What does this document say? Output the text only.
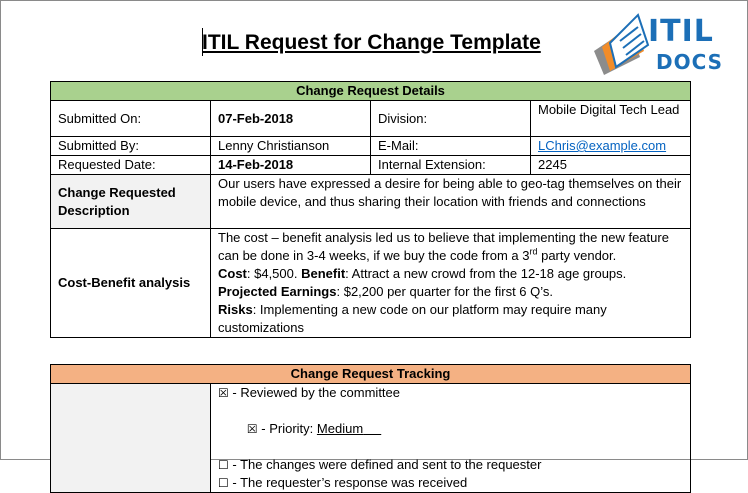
ITIL Request for Change Template	ITIL
DOCS
Change Request Details			
Submitted On:	07-Feb-2018	Division:	Mobile Digital Tech Lead
Submitted By:	Lenny Christianson	E-Mail:	LChris@example.com
Requested Date:	14-Feb-2018	Internal Extension:	2245
Change Requested Description	Our users have expressed a desire for being able to geo-tag themselves on their mobile device, and thus sharing their location with friends and connections		
Cost-Benefit analysis	The cost – benefit analysis led us to believe that implementing the new feature can be done in 3-4 weeks, if we buy the code from a 3rd party vendor.
Cost: $4,500. Benefit: Attract a new crowd from the 12-18 age groups.
Projected Earnings: $2,200 per quarter for the first 6 Q’s.
Risks: Implementing a new code on our platform may require many customizations		
Change Request Tracking

☒ - Reviewed by the committee

☒ - Priority: Medium

☐ - The changes were defined and sent to the requester
☐ - The requester’s response was received
